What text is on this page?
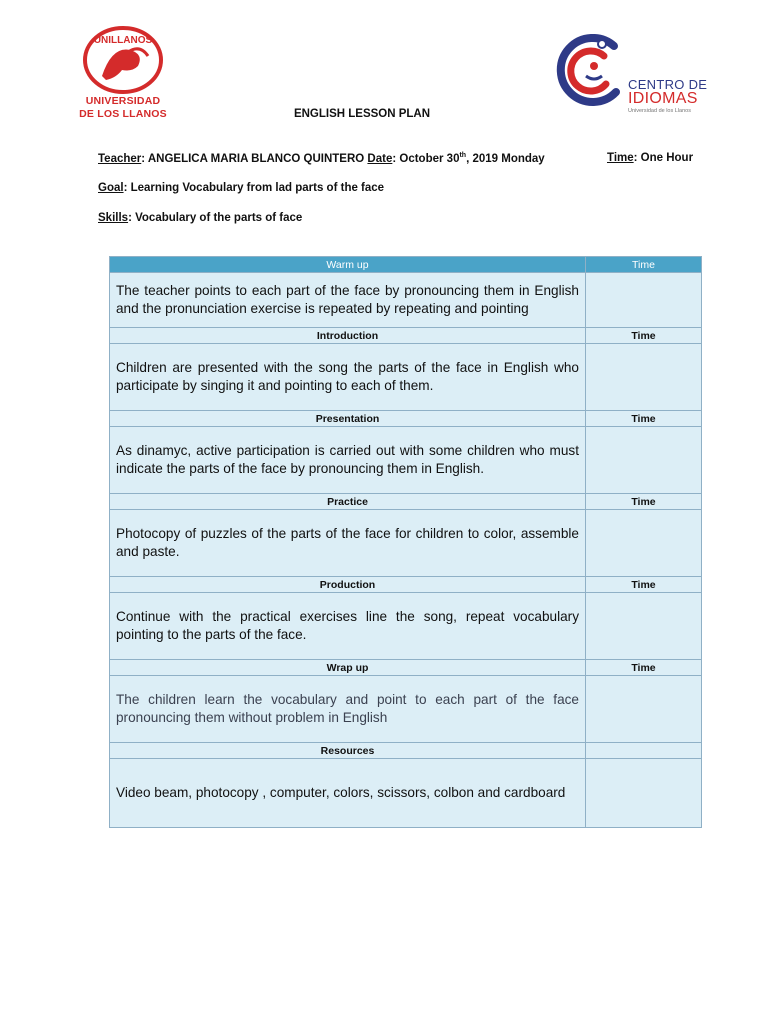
UNILLANOS
UNIVERSIDAD
DE LOS LLANOS
CENTRO DE
IDIOMAS
Universidad de los Llanos
ENGLISH LESSON PLAN
Teacher: ANGELICA MARIA BLANCO QUINTERO Date: October 30th, 2019 Monday	Time: One Hour
Goal: Learning Vocabulary from lad parts of the face
Skills: Vocabulary of the parts of face
Warm up	Time
The teacher points to each part of the face by pronouncing them in English and the pronunciation exercise is repeated by repeating and pointing	
Introduction	Time
Children are presented with the song the parts of the face in English who participate by singing it and pointing to each of them.	
Presentation	Time
As dinamyc, active participation is carried out with some children who must indicate the parts of the face by pronouncing them in English.	
Practice	Time
Photocopy of puzzles of the parts of the face for children to color, assemble and paste.	
Production	Time
Continue with the practical exercises line the song, repeat vocabulary pointing to the parts of the face.	
Wrap up	Time
The children learn the vocabulary and point to each part of the face pronouncing them without problem in English	
Resources	
Video beam, photocopy , computer, colors, scissors, colbon and cardboard	
